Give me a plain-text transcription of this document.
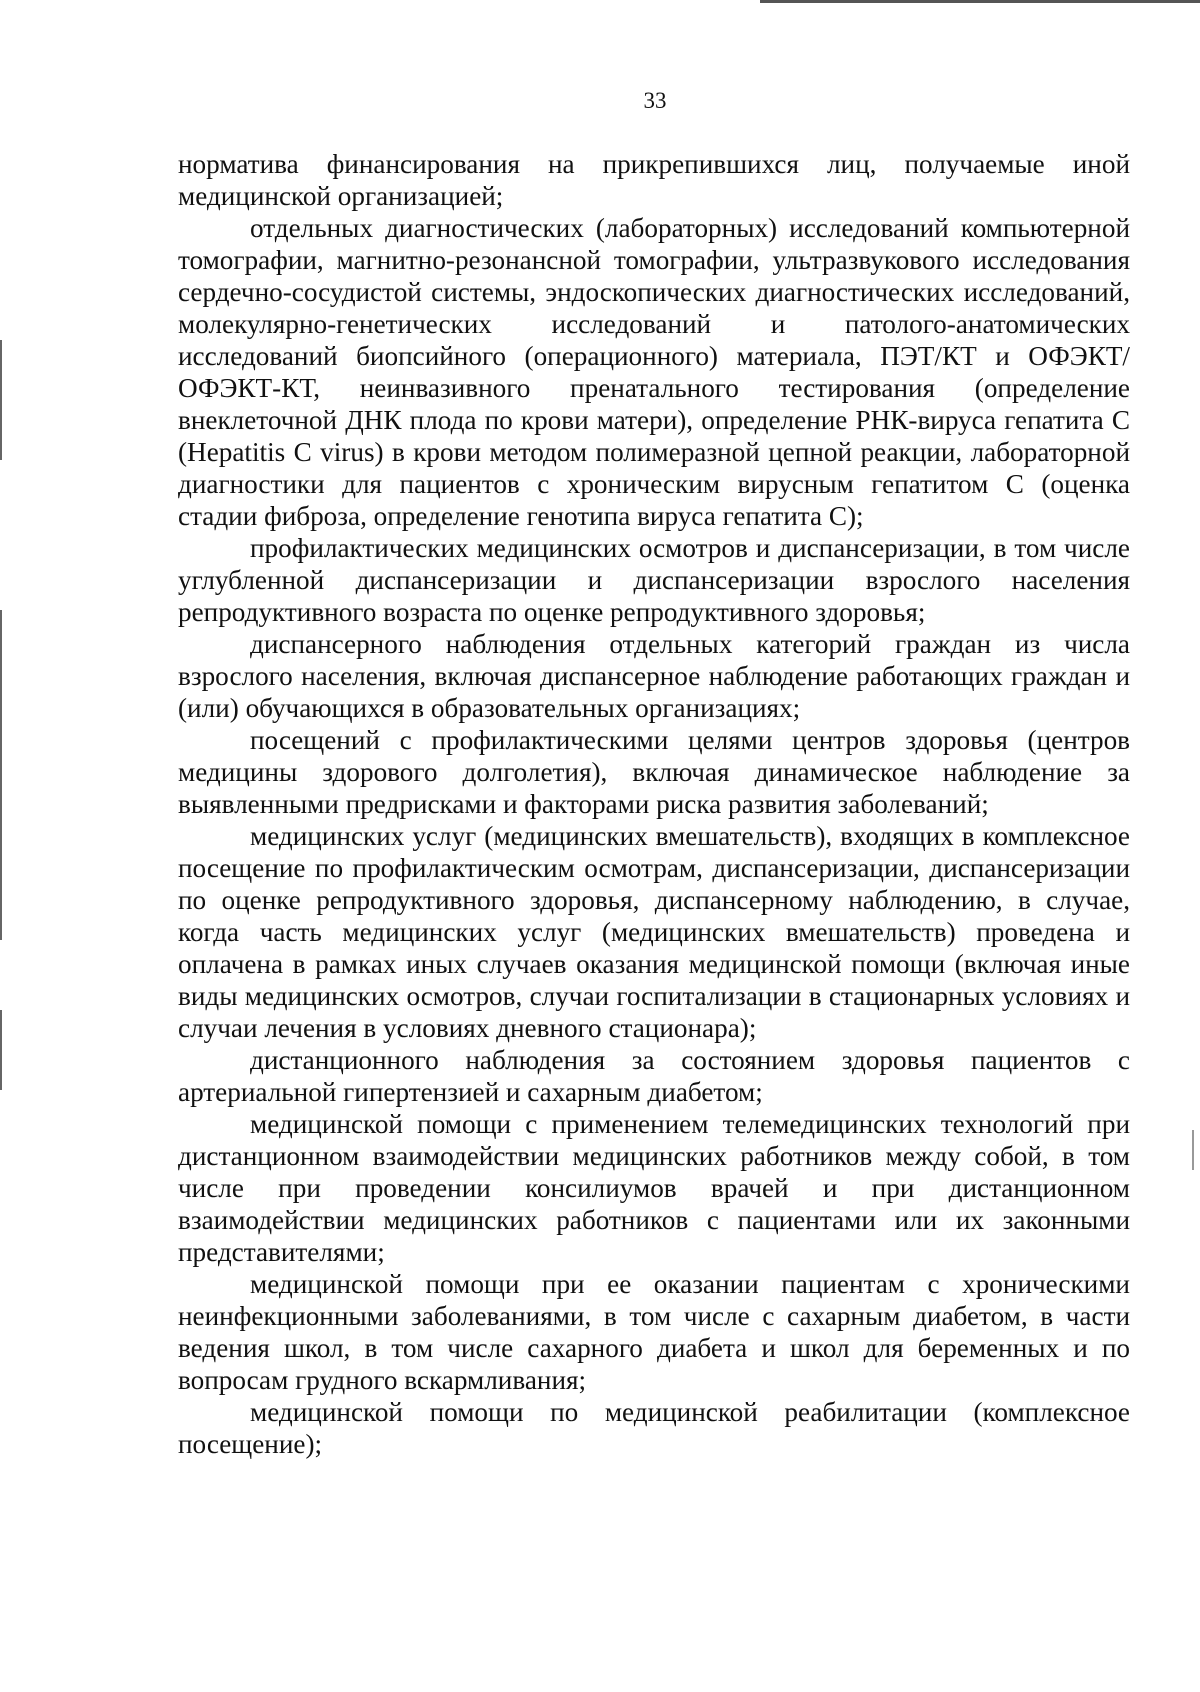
33

норматива финансирования на прикрепившихся лиц, получаемые иной медицинской организацией;

отдельных диагностических (лабораторных) исследований компьютерной томографии, магнитно-резонансной томографии, ультразвукового исследования сердечно-сосудистой системы, эндоскопических диагностических исследований, молекулярно-генетических исследований и патолого-анатомических исследований биопсийного (операционного) материала, ПЭТ/КТ и ОФЭКТ/ОФЭКТ-КТ, неинвазивного пренатального тестирования (определение внеклеточной ДНК плода по крови матери), определение РНК-вируса гепатита С (Hepatitis C virus) в крови методом полимеразной цепной реакции, лабораторной диагностики для пациентов с хроническим вирусным гепатитом С (оценка стадии фиброза, определение генотипа вируса гепатита С);

профилактических медицинских осмотров и диспансеризации, в том числе углубленной диспансеризации и диспансеризации взрослого населения репродуктивного возраста по оценке репродуктивного здоровья;

диспансерного наблюдения отдельных категорий граждан из числа взрослого населения, включая диспансерное наблюдение работающих граждан и (или) обучающихся в образовательных организациях;

посещений с профилактическими целями центров здоровья (центров медицины здорового долголетия), включая динамическое наблюдение за выявленными предрисками и факторами риска развития заболеваний;

медицинских услуг (медицинских вмешательств), входящих в комплексное посещение по профилактическим осмотрам, диспансеризации, диспансеризации по оценке репродуктивного здоровья, диспансерному наблюдению, в случае, когда часть медицинских услуг (медицинских вмешательств) проведена и оплачена в рамках иных случаев оказания медицинской помощи (включая иные виды медицинских осмотров, случаи госпитализации в стационарных условиях и случаи лечения в условиях дневного стационара);

дистанционного наблюдения за состоянием здоровья пациентов с артериальной гипертензией и сахарным диабетом;

медицинской помощи с применением телемедицинских технологий при дистанционном взаимодействии медицинских работников между собой, в том числе при проведении консилиумов врачей и при дистанционном взаимодействии медицинских работников с пациентами или их законными представителями;

медицинской помощи при ее оказании пациентам с хроническими неинфекционными заболеваниями, в том числе с сахарным диабетом, в части ведения школ, в том числе сахарного диабета и школ для беременных и по вопросам грудного вскармливания;

медицинской помощи по медицинской реабилитации (комплексное посещение);
